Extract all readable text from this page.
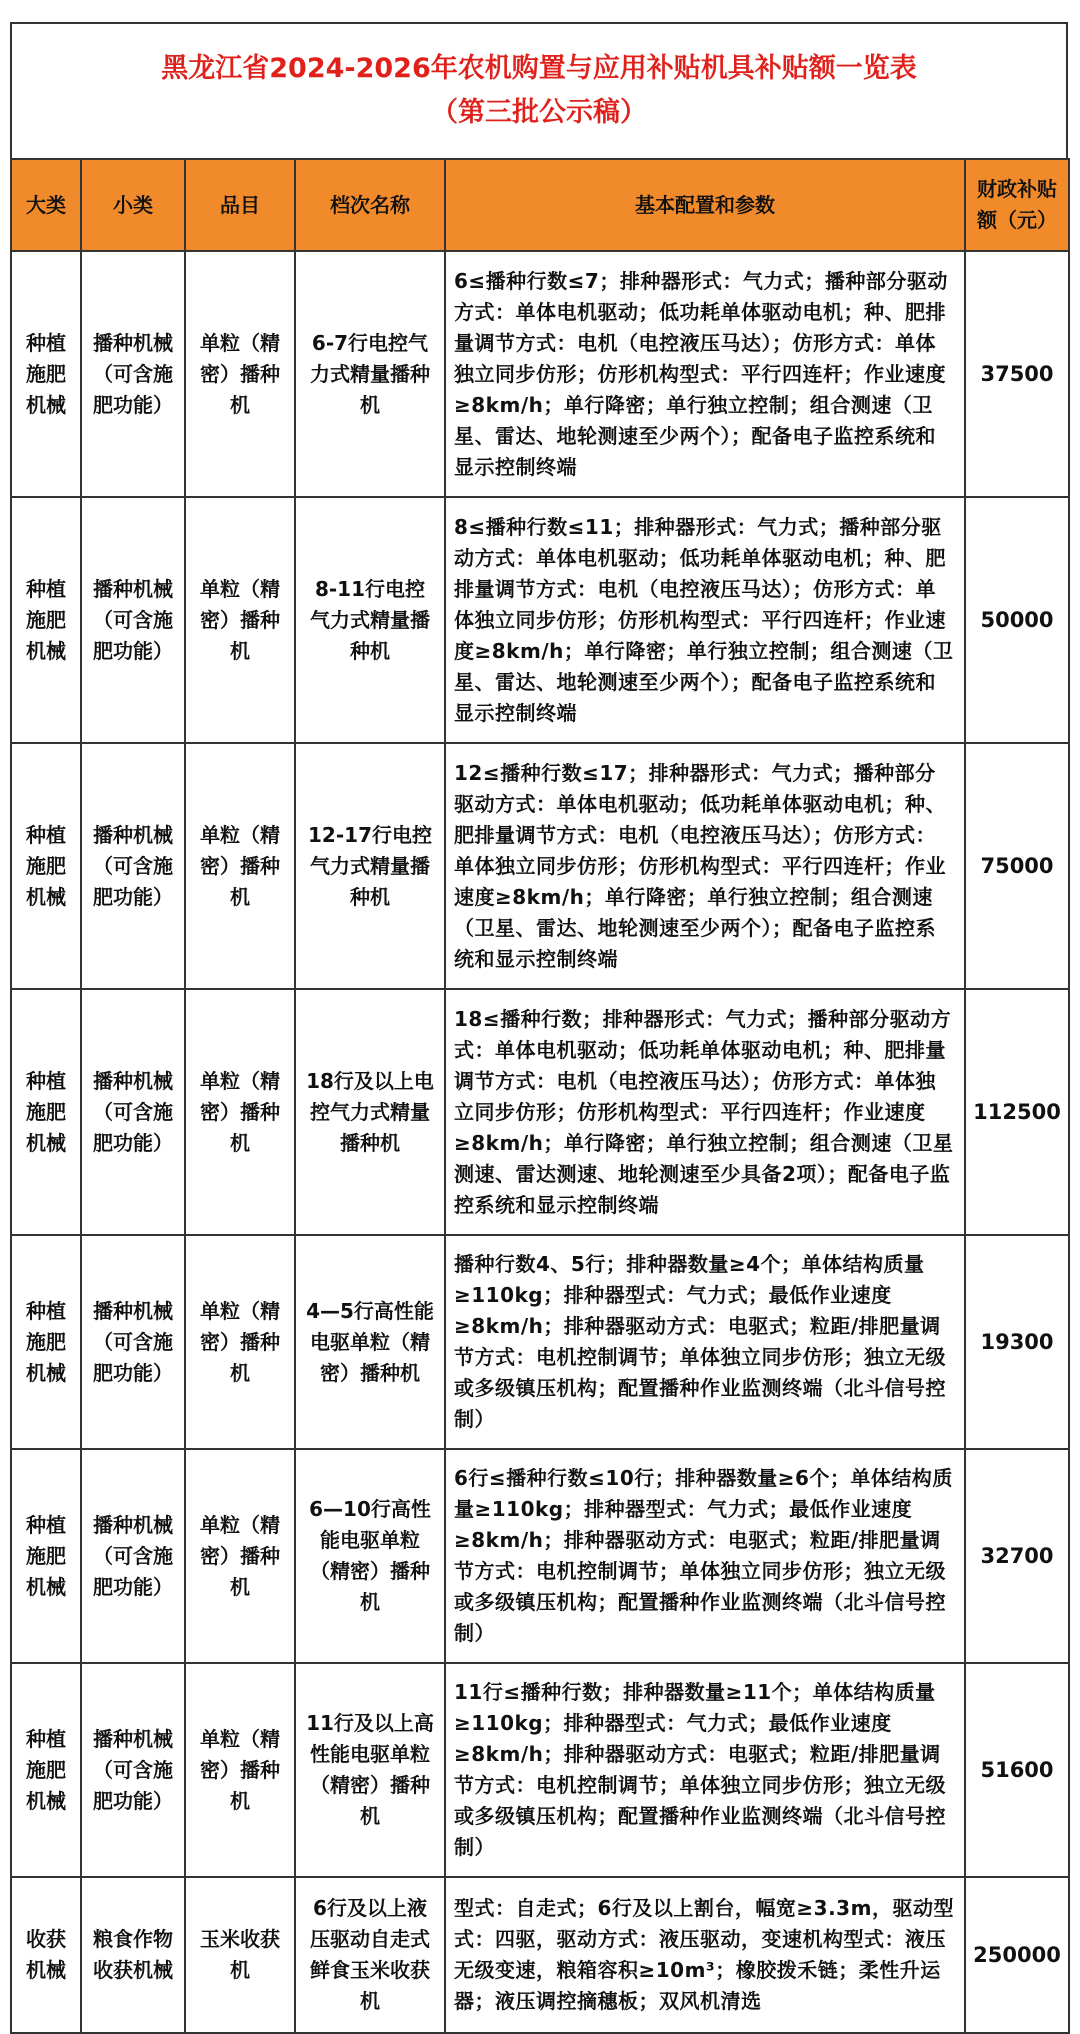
黑龙江省2024-2026年农机购置与应用补贴机具补贴额一览表
（第三批公示稿）
大类	小类	品目	档次名称	基本配置和参数	财政补贴额（元）
种植施肥机械	播种机械（可含施肥功能）	单粒（精密）播种机	6-7行电控气力式精量播种机	6≤播种行数≤7；排种器形式：气力式；播种部分驱动方式：单体电机驱动；低功耗单体驱动电机；种、肥排量调节方式：电机（电控液压马达）；仿形方式：单体独立同步仿形；仿形机构型式：平行四连杆；作业速度≥8km/h；单行降密；单行独立控制；组合测速（卫星、雷达、地轮测速至少两个）；配备电子监控系统和显示控制终端	37500
种植施肥机械	播种机械（可含施肥功能）	单粒（精密）播种机	8-11行电控气力式精量播种机	8≤播种行数≤11；排种器形式：气力式；播种部分驱动方式：单体电机驱动；低功耗单体驱动电机；种、肥排量调节方式：电机（电控液压马达）；仿形方式：单体独立同步仿形；仿形机构型式：平行四连杆；作业速度≥8km/h；单行降密；单行独立控制；组合测速（卫星、雷达、地轮测速至少两个）；配备电子监控系统和显示控制终端	50000
种植施肥机械	播种机械（可含施肥功能）	单粒（精密）播种机	12-17行电控气力式精量播种机	12≤播种行数≤17；排种器形式：气力式；播种部分驱动方式：单体电机驱动；低功耗单体驱动电机；种、肥排量调节方式：电机（电控液压马达）；仿形方式：单体独立同步仿形；仿形机构型式：平行四连杆；作业速度≥8km/h；单行降密；单行独立控制；组合测速（卫星、雷达、地轮测速至少两个）；配备电子监控系统和显示控制终端	75000
种植施肥机械	播种机械（可含施肥功能）	单粒（精密）播种机	18行及以上电控气力式精量播种机	18≤播种行数；排种器形式：气力式；播种部分驱动方式：单体电机驱动；低功耗单体驱动电机；种、肥排量调节方式：电机（电控液压马达）；仿形方式：单体独立同步仿形；仿形机构型式：平行四连杆；作业速度≥8km/h；单行降密；单行独立控制；组合测速（卫星测速、雷达测速、地轮测速至少具备2项）；配备电子监控系统和显示控制终端	112500
种植施肥机械	播种机械（可含施肥功能）	单粒（精密）播种机	4—5行高性能电驱单粒（精密）播种机	播种行数4、5行；排种器数量≥4个；单体结构质量≥110kg；排种器型式：气力式；最低作业速度≥8km/h；排种器驱动方式：电驱式；粒距/排肥量调节方式：电机控制调节；单体独立同步仿形；独立无级或多级镇压机构；配置播种作业监测终端（北斗信号控制）	19300
种植施肥机械	播种机械（可含施肥功能）	单粒（精密）播种机	6—10行高性能电驱单粒（精密）播种机	6行≤播种行数≤10行；排种器数量≥6个；单体结构质量≥110kg；排种器型式：气力式；最低作业速度≥8km/h；排种器驱动方式：电驱式；粒距/排肥量调节方式：电机控制调节；单体独立同步仿形；独立无级或多级镇压机构；配置播种作业监测终端（北斗信号控制）	32700
种植施肥机械	播种机械（可含施肥功能）	单粒（精密）播种机	11行及以上高性能电驱单粒（精密）播种机	11行≤播种行数；排种器数量≥11个；单体结构质量≥110kg；排种器型式：气力式；最低作业速度≥8km/h；排种器驱动方式：电驱式；粒距/排肥量调节方式：电机控制调节；单体独立同步仿形；独立无级或多级镇压机构；配置播种作业监测终端（北斗信号控制）	51600
收获机械	粮食作物收获机械	玉米收获机	6行及以上液压驱动自走式鲜食玉米收获机	型式：自走式；6行及以上割台，幅宽≥3.3m，驱动型式：四驱，驱动方式：液压驱动，变速机构型式：液压无级变速，粮箱容积≥10m³；橡胶拨禾链；柔性升运器；液压调控摘穗板；双风机清选	250000
